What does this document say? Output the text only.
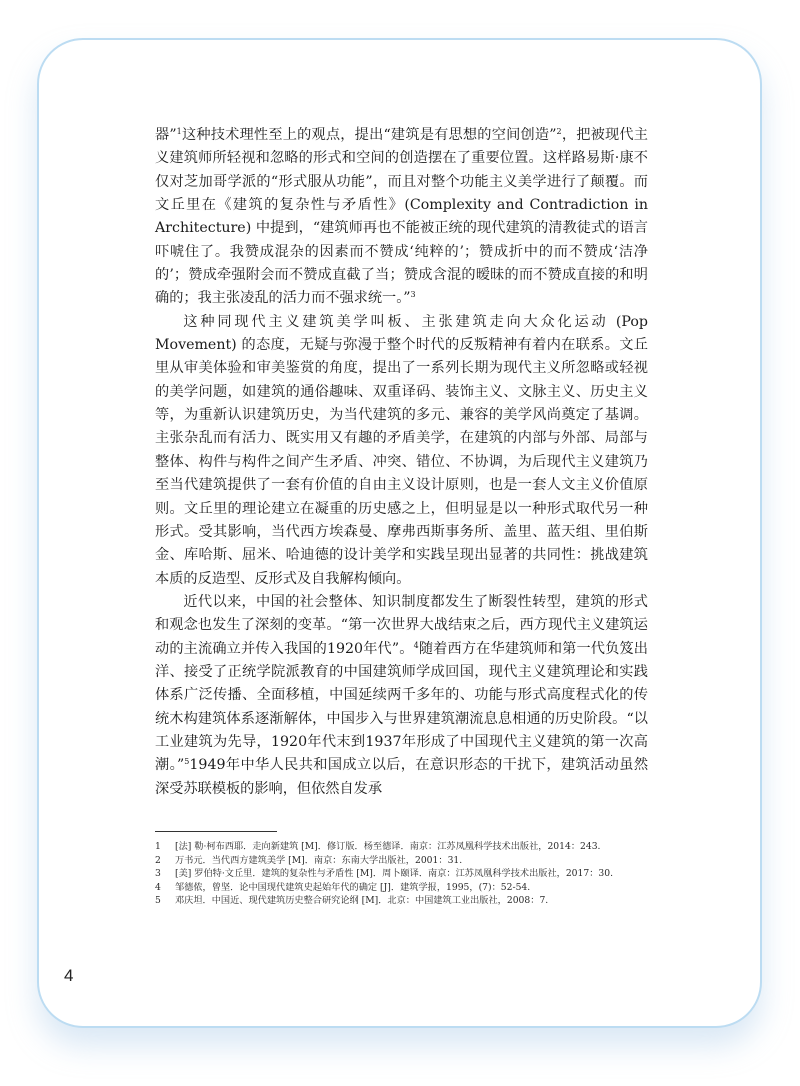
器”$^1$这种技术理性至上的观点，提出“建筑是有思想的空间创造”$^2$，把被现代主义建筑师所轻视和忽略的形式和空间的创造摆在了重要位置。这样路易斯·康不仅对芝加哥学派的“形式服从功能”，而且对整个功能主义美学进行了颠覆。而文丘里在《建筑的复杂性与矛盾性》(Complexity and Contradiction in Architecture) 中提到，“建筑师再也不能被正统的现代建筑的清教徒式的语言吓唬住了。我赞成混杂的因素而不赞成‘纯粹的’；赞成折中的而不赞成‘洁净的’；赞成牵强附会而不赞成直截了当；赞成含混的暧昧的而不赞成直接的和明确的；我主张凌乱的活力而不强求统一。”$^3$

这种同现代主义建筑美学叫板、主张建筑走向大众化运动 (Pop Movement) 的态度，无疑与弥漫于整个时代的反叛精神有着内在联系。文丘里从审美体验和审美鉴赏的角度，提出了一系列长期为现代主义所忽略或轻视的美学问题，如建筑的通俗趣味、双重译码、装饰主义、文脉主义、历史主义等，为重新认识建筑历史，为当代建筑的多元、兼容的美学风尚奠定了基调。主张杂乱而有活力、既实用又有趣的矛盾美学，在建筑的内部与外部、局部与整体、构件与构件之间产生矛盾、冲突、错位、不协调，为后现代主义建筑乃至当代建筑提供了一套有价值的自由主义设计原则，也是一套人文主义价值原则。文丘里的理论建立在凝重的历史感之上，但明显是以一种形式取代另一种形式。受其影响，当代西方埃森曼、摩弗西斯事务所、盖里、蓝天组、里伯斯金、库哈斯、屈米、哈迪德的设计美学和实践呈现出显著的共同性：挑战建筑本质的反造型、反形式及自我解构倾向。

近代以来，中国的社会整体、知识制度都发生了断裂性转型，建筑的形式和观念也发生了深刻的变革。“第一次世界大战结束之后，西方现代主义建筑运动的主流确立并传入我国的1920年代”。$^4$随着西方在华建筑师和第一代负笈出洋、接受了正统学院派教育的中国建筑师学成回国，现代主义建筑理论和实践体系广泛传播、全面移植，中国延续两千多年的、功能与形式高度程式化的传统木构建筑体系逐渐解体，中国步入与世界建筑潮流息息相通的历史阶段。“以工业建筑为先导，1920年代末到1937年形成了中国现代主义建筑的第一次高潮。”$^5$1949年中华人民共和国成立以后，在意识形态的干扰下，建筑活动虽然深受苏联模板的影响，但依然自发承

1	[法] 勒·柯布西耶．走向新建筑 [M]．修订版．杨至德译．南京：江苏凤凰科学技术出版社，2014：243.
2	万书元．当代西方建筑美学 [M]．南京：东南大学出版社，2001：31.
3	[美] 罗伯特·文丘里．建筑的复杂性与矛盾性 [M]．周卜颐译．南京：江苏凤凰科学技术出版社，2017：30.
4	邹德侬，曾坚．论中国现代建筑史起始年代的确定 [J]．建筑学报，1995，(7)：52-54.
5	邓庆坦．中国近、现代建筑历史整合研究论纲 [M]．北京：中国建筑工业出版社，2008：7.
4
